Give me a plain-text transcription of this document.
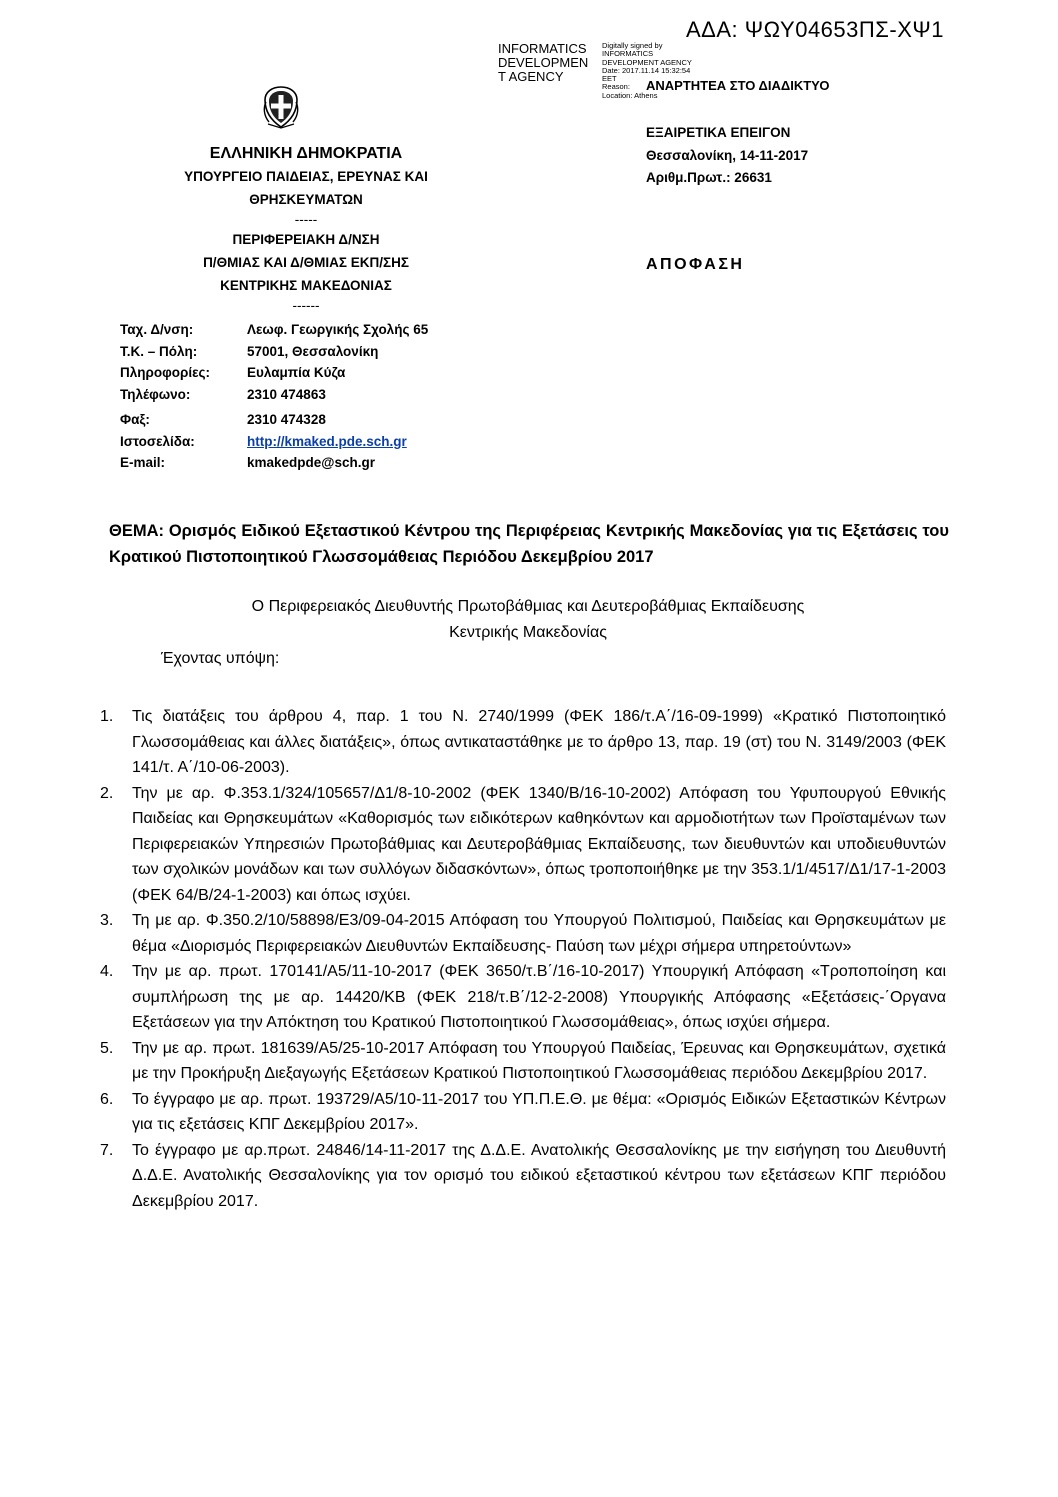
ΑΔΑ: ΨΩΥ04653ΠΣ-ΧΨ1
INFORMATICS DEVELOPMEN T AGENCY
Digitally signed by
INFORMATICS
DEVELOPMENT AGENCY
Date: 2017.11.14 15:32:54
EET
Reason:
Location: Athens
ΑΝΑΡΤΗΤΕΑ ΣΤΟ ΔΙΑΔΙΚΤΥΟ
ΕΛΛΗΝΙΚΗ ΔΗΜΟΚΡΑΤΙΑ
ΥΠΟΥΡΓΕΙΟ ΠΑΙΔΕΙΑΣ, ΕΡΕΥΝΑΣ ΚΑΙ
ΘΡΗΣΚΕΥΜΑΤΩΝ
-----
ΠΕΡΙΦΕΡΕΙΑΚΗ Δ/ΝΣΗ
Π/ΘΜΙΑΣ ΚΑΙ Δ/ΘΜΙΑΣ ΕΚΠ/ΣΗΣ
ΚΕΝΤΡΙΚΗΣ ΜΑΚΕΔΟΝΙΑΣ
------
Ταχ. Δ/νση:	Λεωφ. Γεωργικής Σχολής 65
Τ.Κ. – Πόλη:	57001, Θεσσαλονίκη
Πληροφορίες:	Ευλαμπία Κύζα
Τηλέφωνο:	2310 474863
Φαξ:	2310 474328
Ιστοσελίδα:	http://kmaked.pde.sch.gr
E-mail:	kmakedpde@sch.gr
ΕΞΑΙΡΕΤΙΚΑ ΕΠΕΙΓΟΝ
Θεσσαλονίκη, 14-11-2017
Αριθμ.Πρωτ.: 26631
ΑΠΟΦΑΣΗ
ΘΕΜΑ: Ορισμός Ειδικού Εξεταστικού Κέντρου της Περιφέρειας Κεντρικής Μακεδονίας για τις Εξετάσεις του Κρατικού Πιστοποιητικού Γλωσσομάθειας Περιόδου Δεκεμβρίου 2017
Ο Περιφερειακός Διευθυντής Πρωτοβάθμιας και Δευτεροβάθμιας Εκπαίδευσης
Κεντρικής Μακεδονίας
Έχοντας υπόψη:
1. Τις διατάξεις του άρθρου 4, παρ. 1 του Ν. 2740/1999 (ΦΕΚ 186/τ.Α΄/16-09-1999) «Κρατικό Πιστοποιητικό Γλωσσομάθειας και άλλες διατάξεις», όπως αντικαταστάθηκε με το άρθρο 13, παρ. 19 (στ) του Ν. 3149/2003 (ΦΕΚ 141/τ. Α΄/10-06-2003).
2. Την με αρ. Φ.353.1/324/105657/Δ1/8-10-2002 (ΦΕΚ 1340/Β/16-10-2002) Απόφαση του Υφυπουργού Εθνικής Παιδείας και Θρησκευμάτων «Καθορισμός των ειδικότερων καθηκόντων και αρμοδιοτήτων των Προϊσταμένων των Περιφερειακών Υπηρεσιών Πρωτοβάθμιας και Δευτεροβάθμιας Εκπαίδευσης, των διευθυντών και υποδιευθυντών των σχολικών μονάδων και των συλλόγων διδασκόντων», όπως τροποποιήθηκε με την 353.1/1/4517/Δ1/17-1-2003 (ΦΕΚ 64/Β/24-1-2003) και όπως ισχύει.
3. Τη με αρ. Φ.350.2/10/58898/Ε3/09-04-2015 Απόφαση του Υπουργού Πολιτισμού, Παιδείας και Θρησκευμάτων με θέμα «Διορισμός Περιφερειακών Διευθυντών Εκπαίδευσης- Παύση των μέχρι σήμερα υπηρετούντων»
4. Την με αρ. πρωτ. 170141/Α5/11-10-2017 (ΦΕΚ 3650/τ.Β΄/16-10-2017) Υπουργική Απόφαση «Τροποποίηση και συμπλήρωση της με αρ. 14420/ΚΒ (ΦΕΚ 218/τ.Β΄/12-2-2008) Υπουργικής Απόφασης «Εξετάσεις-΄Οργανα Εξετάσεων για την Απόκτηση του Κρατικού Πιστοποιητικού Γλωσσομάθειας», όπως ισχύει σήμερα.
5. Την με αρ. πρωτ. 181639/Α5/25-10-2017 Απόφαση του Υπουργού Παιδείας, Έρευνας και Θρησκευμάτων, σχετικά με την Προκήρυξη Διεξαγωγής Εξετάσεων Κρατικού Πιστοποιητικού Γλωσσομάθειας περιόδου Δεκεμβρίου 2017.
6. Το έγγραφο με αρ. πρωτ. 193729/Α5/10-11-2017 του ΥΠ.Π.Ε.Θ. με θέμα: «Ορισμός Ειδικών Εξεταστικών Κέντρων για τις εξετάσεις ΚΠΓ Δεκεμβρίου 2017».
7. Το έγγραφο με αρ.πρωτ. 24846/14-11-2017 της Δ.Δ.Ε. Ανατολικής Θεσσαλονίκης με την εισήγηση του Διευθυντή Δ.Δ.Ε. Ανατολικής Θεσσαλονίκης για τον ορισμό του ειδικού εξεταστικού κέντρου των εξετάσεων ΚΠΓ περιόδου Δεκεμβρίου 2017.
